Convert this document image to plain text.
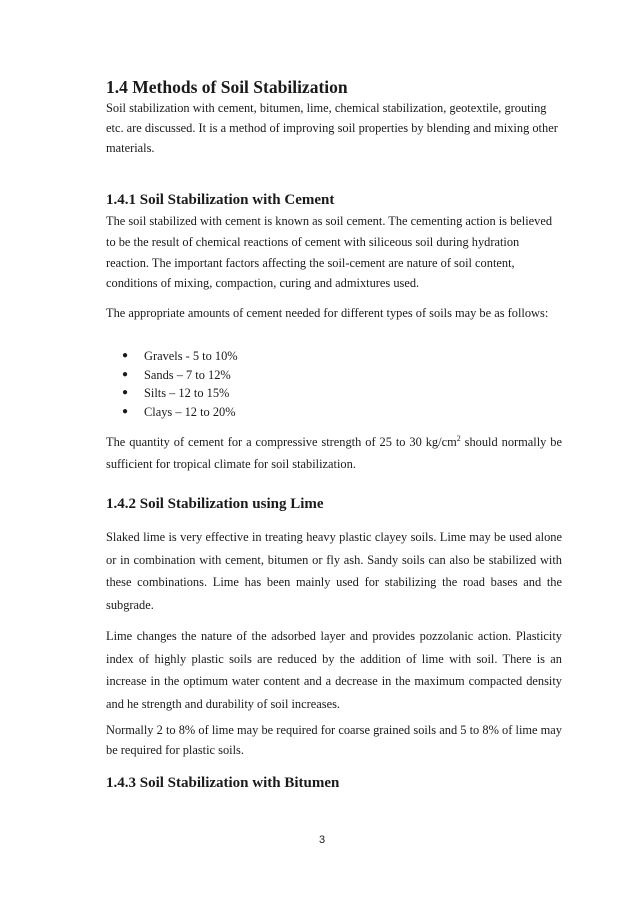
1.4 Methods of Soil Stabilization

Soil stabilization with cement, bitumen, lime, chemical stabilization, geotextile, grouting etc. are discussed. It is a method of improving soil properties by blending and mixing other materials.

1.4.1 Soil Stabilization with Cement

The soil stabilized with cement is known as soil cement. The cementing action is believed to be the result of chemical reactions of cement with siliceous soil during hydration reaction. The important factors affecting the soil-cement are nature of soil content, conditions of mixing, compaction, curing and admixtures used.

The appropriate amounts of cement needed for different types of soils may be as follows:

● Gravels - 5 to 10%
● Sands – 7 to 12%
● Silts – 12 to 15%
● Clays – 12 to 20%

The quantity of cement for a compressive strength of 25 to 30 $kg/cm^2$ should normally be sufficient for tropical climate for soil stabilization.

1.4.2 Soil Stabilization using Lime

Slaked lime is very effective in treating heavy plastic clayey soils. Lime may be used alone or in combination with cement, bitumen or fly ash. Sandy soils can also be stabilized with these combinations. Lime has been mainly used for stabilizing the road bases and the subgrade.

Lime changes the nature of the adsorbed layer and provides pozzolanic action. Plasticity index of highly plastic soils are reduced by the addition of lime with soil. There is an increase in the optimum water content and a decrease in the maximum compacted density and he strength and durability of soil increases.

Normally 2 to 8% of lime may be required for coarse grained soils and 5 to 8% of lime may be required for plastic soils.

1.4.3 Soil Stabilization with Bitumen
3
